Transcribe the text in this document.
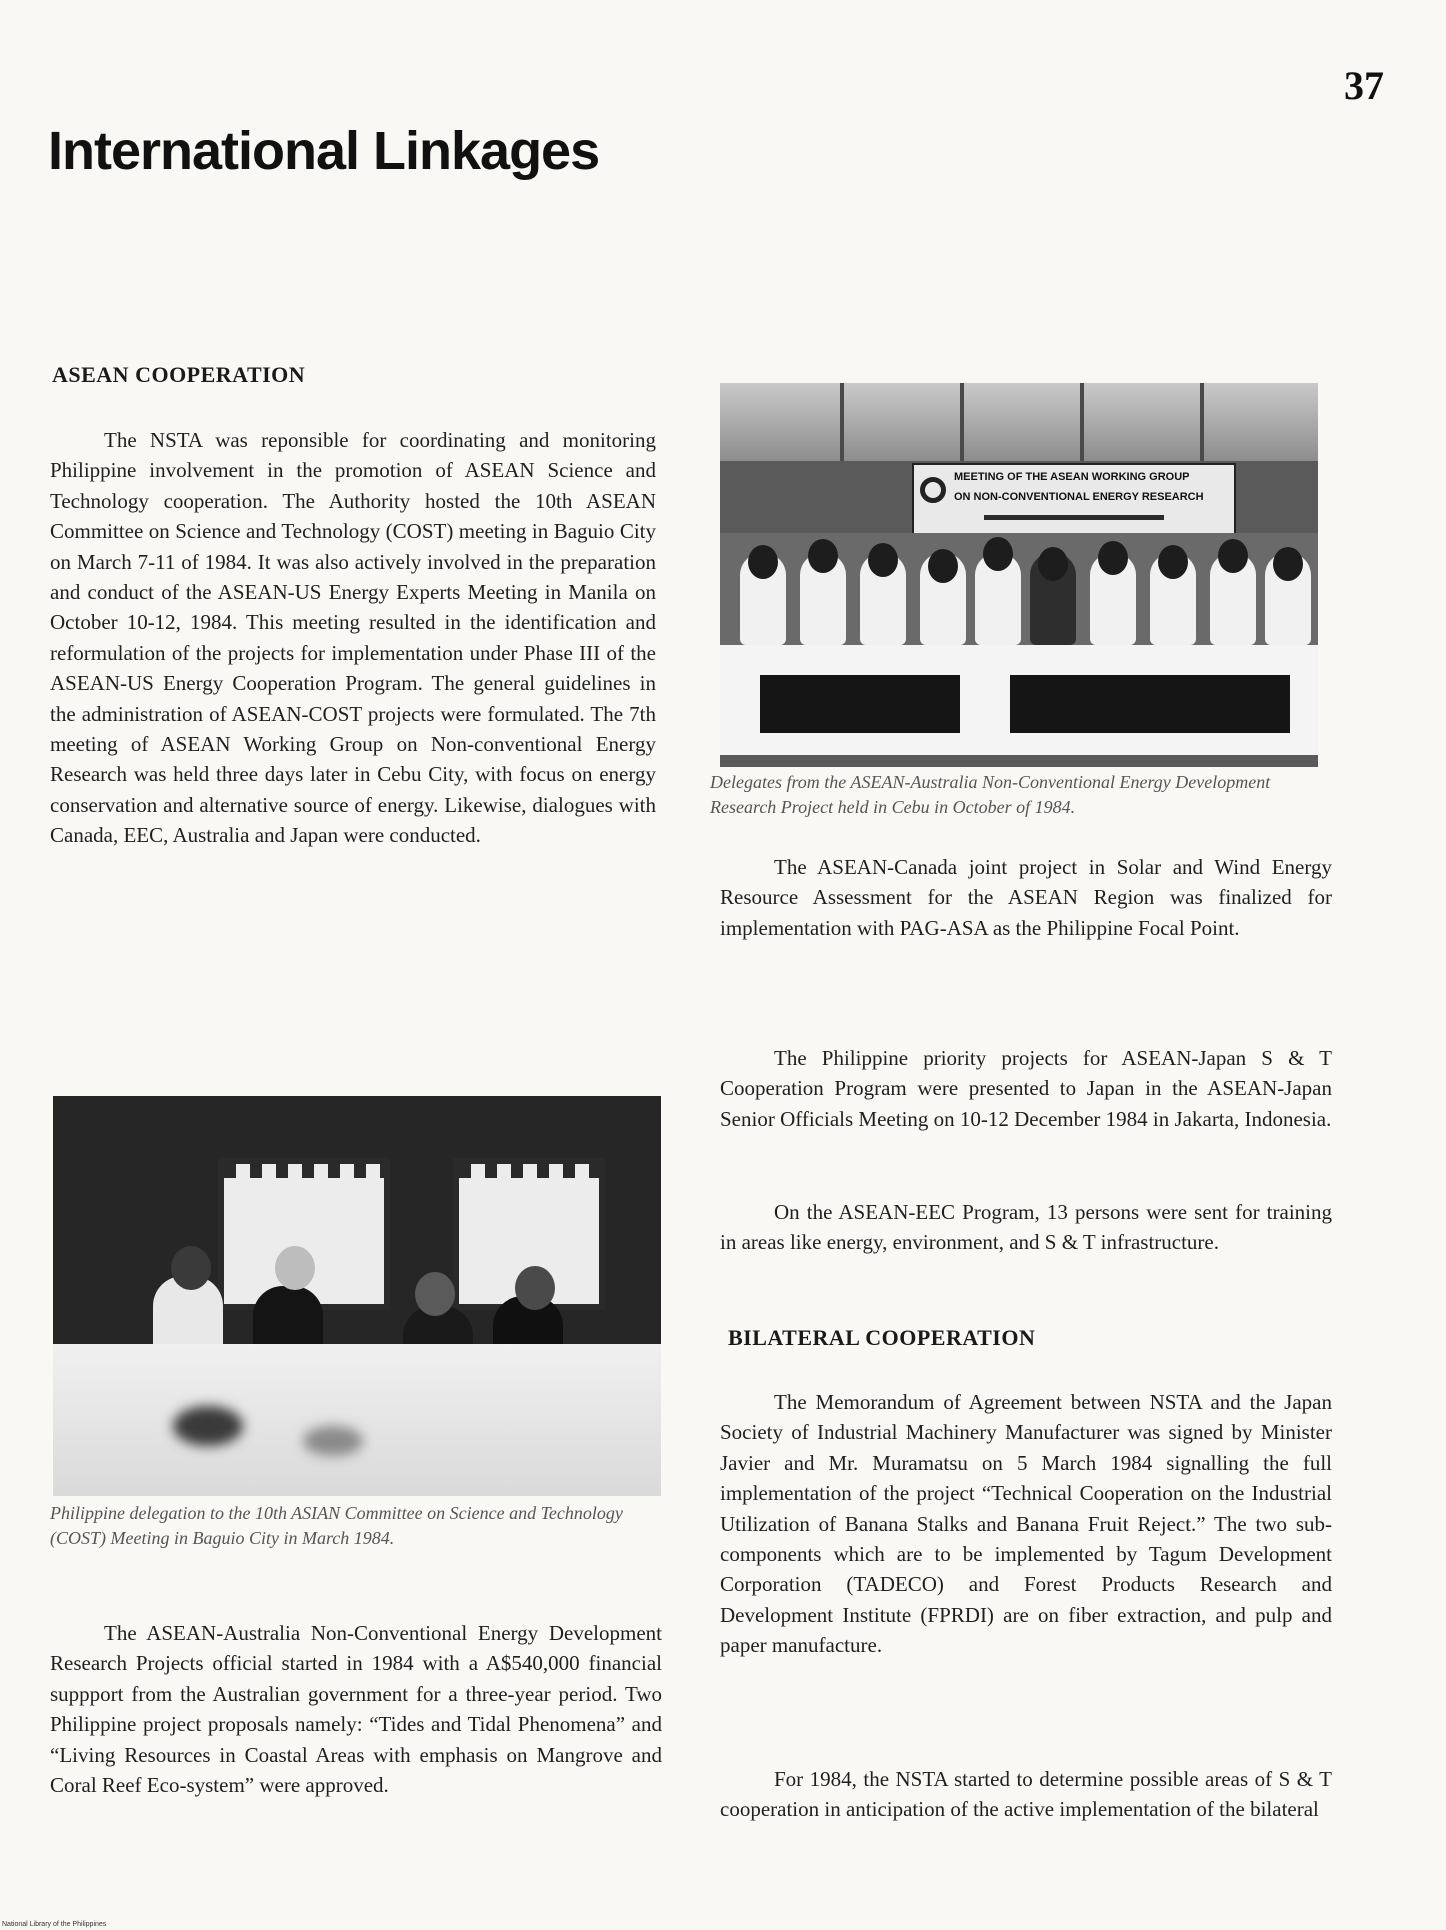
37
International Linkages
ASEAN COOPERATION

The NSTA was reponsible for coordinating and monitoring Philippine involvement in the promotion of ASEAN Science and Technology cooperation. The Authority hosted the 10th ASEAN Committee on Science and Technology (COST) meeting in Baguio City on March 7-11 of 1984. It was also actively involved in the preparation and conduct of the ASEAN-US Energy Experts Meeting in Manila on October 10-12, 1984. This meeting resulted in the identification and reformulation of the projects for implementation under Phase III of the ASEAN-US Energy Cooperation Program. The general guidelines in the administration of ASEAN-COST projects were formulated. The 7th meeting of ASEAN Working Group on Non-conventional Energy Research was held three days later in Cebu City, with focus on energy conservation and alternative source of energy. Likewise, dialogues with Canada, EEC, Australia and Japan were conducted.

Philippine delegation to the 10th ASIAN Committee on Science and Technology (COST) Meeting in Baguio City in March 1984.

The ASEAN-Australia Non-Conventional Energy Development Research Projects official started in 1984 with a A$540,000 financial suppport from the Australian government for a three-year period. Two Philippine project proposals namely: “Tides and Tidal Phenomena” and “Living Resources in Coastal Areas with emphasis on Mangrove and Coral Reef Eco-system” were approved.

MEETING OF THE ASEAN WORKING GROUP
ON NON-CONVENTIONAL ENERGY RESEARCH

Delegates from the ASEAN-Australia Non-Conventional Energy Development Research Project held in Cebu in October of 1984.

The ASEAN-Canada joint project in Solar and Wind Energy Resource Assessment for the ASEAN Region was finalized for implementation with PAG-ASA as the Philippine Focal Point.

The Philippine priority projects for ASEAN-Japan S & T Cooperation Program were presented to Japan in the ASEAN-Japan Senior Officials Meeting on 10-12 December 1984 in Jakarta, Indonesia.

On the ASEAN-EEC Program, 13 persons were sent for training in areas like energy, environment, and S & T infrastructure.

BILATERAL COOPERATION

The Memorandum of Agreement between NSTA and the Japan Society of Industrial Machinery Manufacturer was signed by Minister Javier and Mr. Muramatsu on 5 March 1984 signalling the full implementation of the project “Technical Cooperation on the Industrial Utilization of Banana Stalks and Banana Fruit Reject.” The two sub-components which are to be implemented by Tagum Development Corporation (TADECO) and Forest Products Research and Development Institute (FPRDI) are on fiber extraction, and pulp and paper manufacture.

For 1984, the NSTA started to determine possible areas of S & T cooperation in anticipation of the active implementation of the bilateral

National Library of the Philippines
